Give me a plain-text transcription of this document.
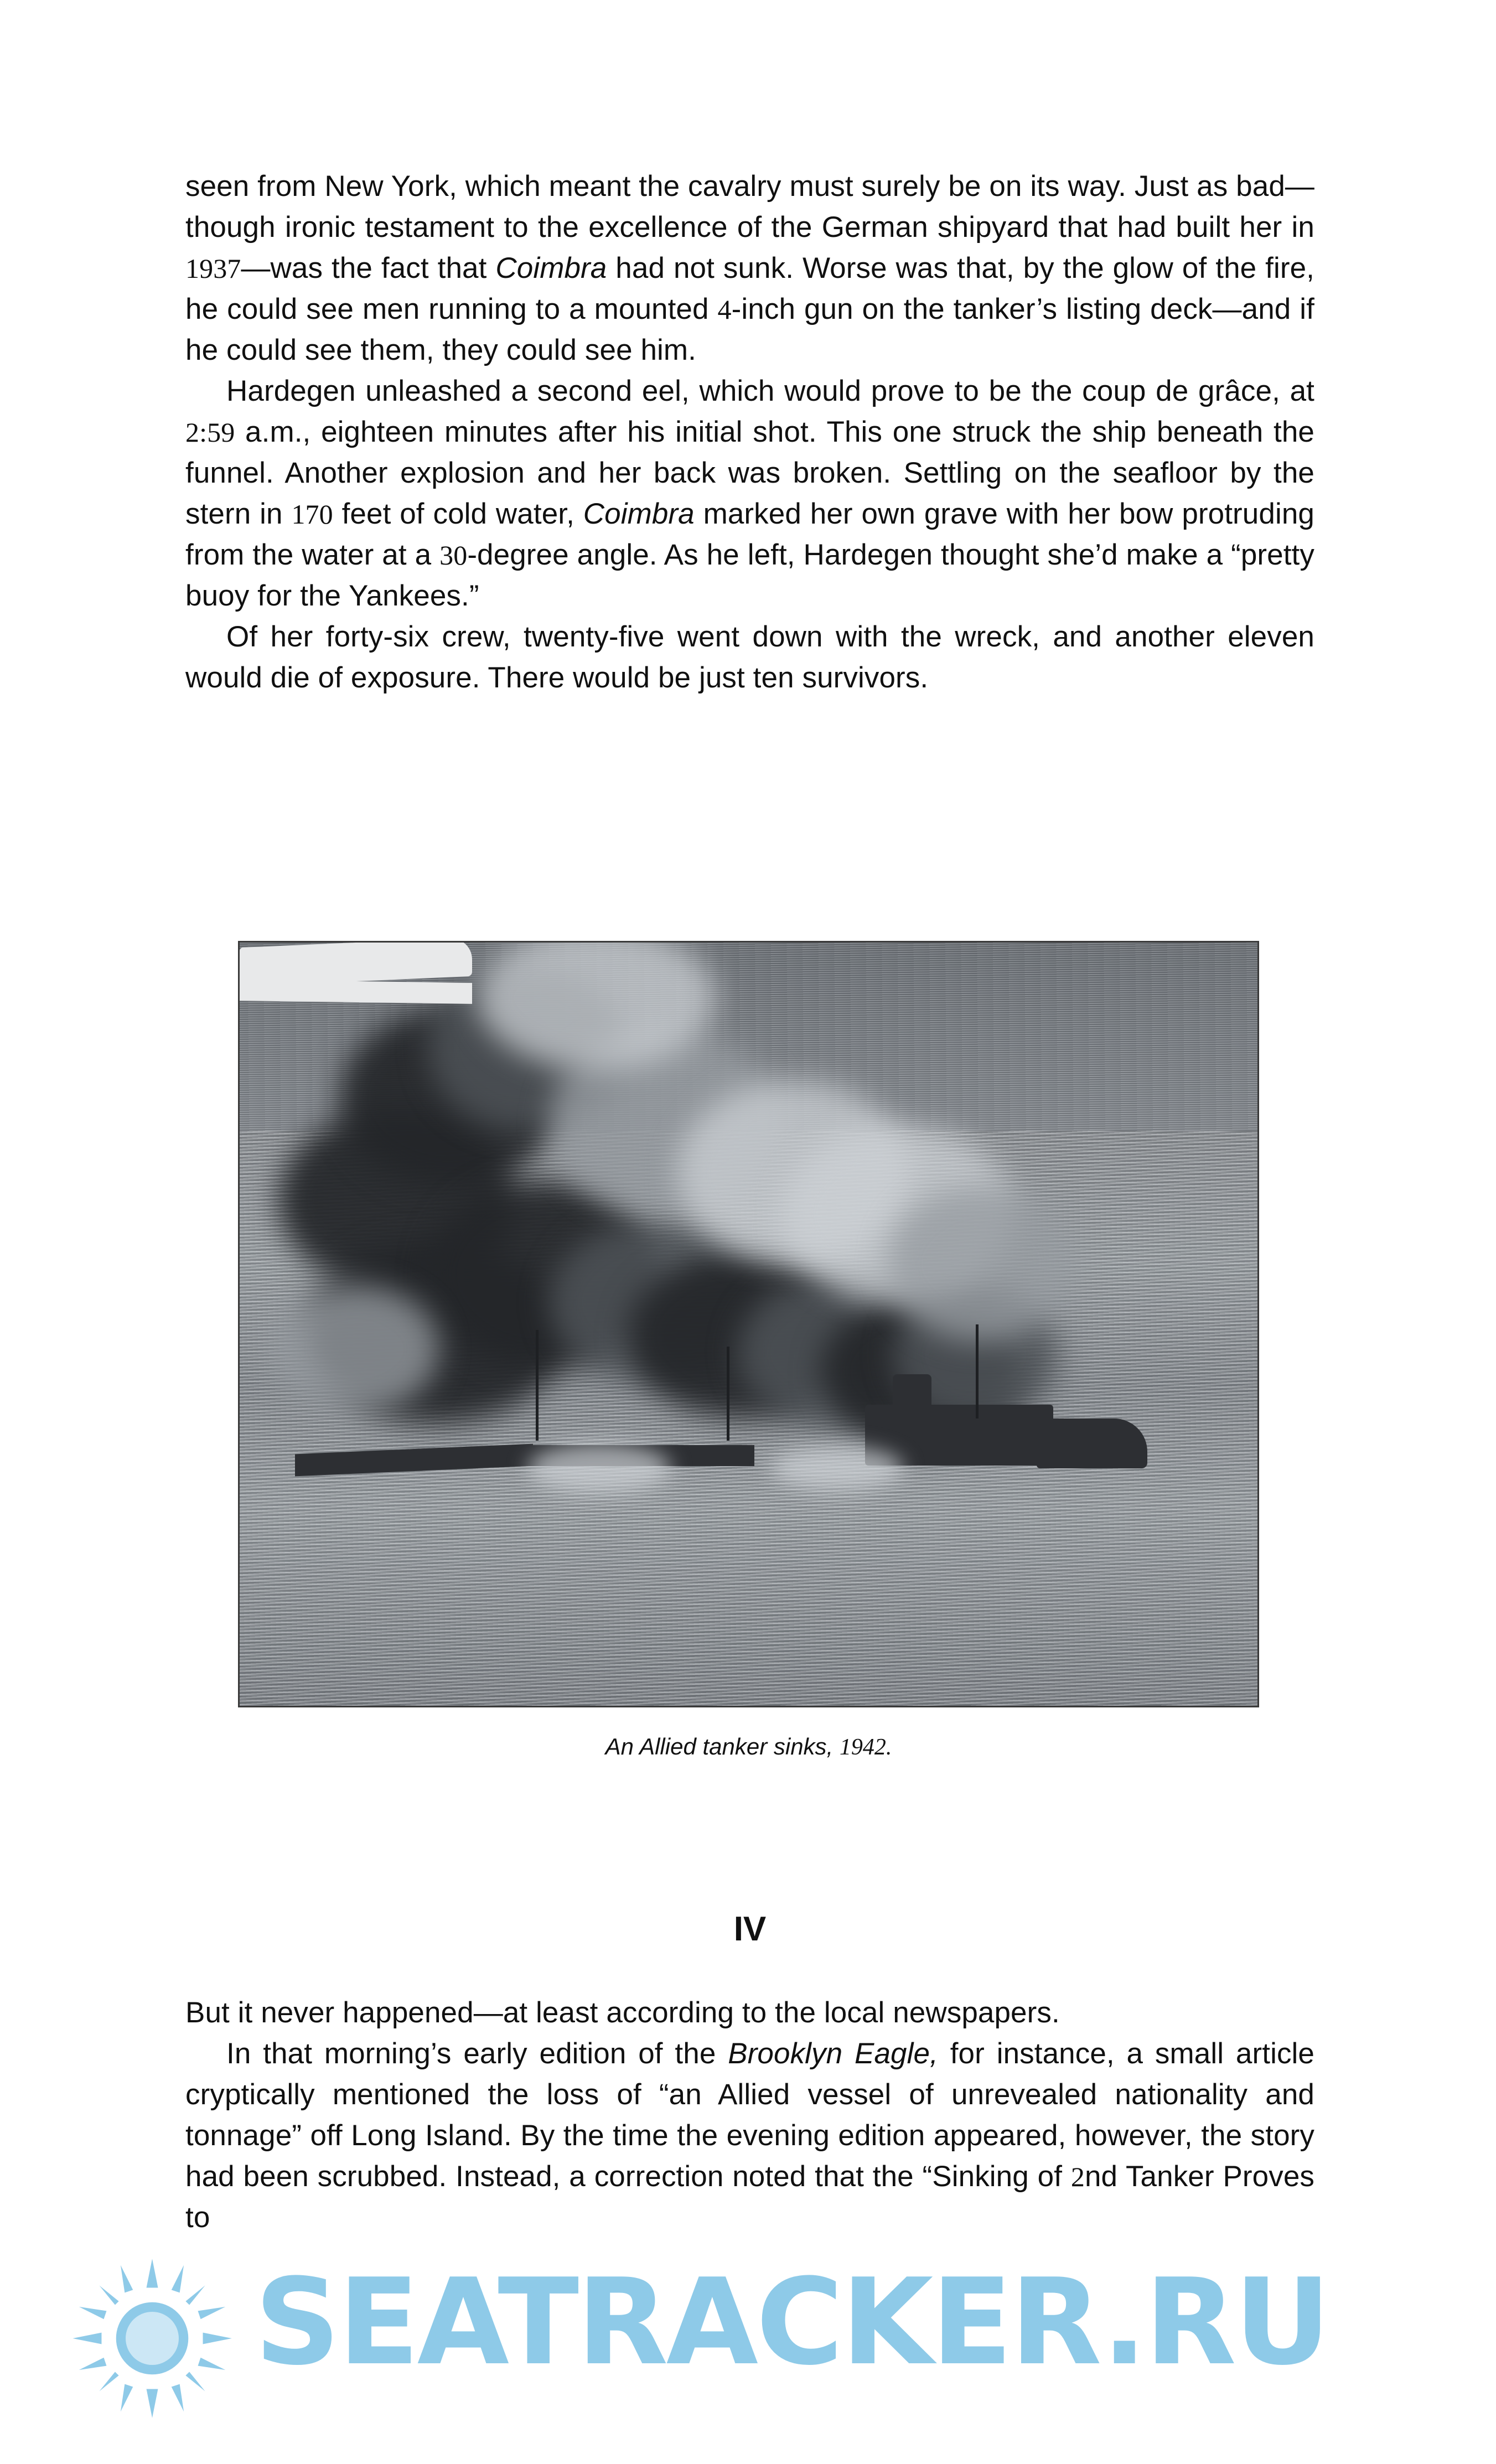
seen from New York, which meant the cavalry must surely be on its way. Just as bad—though ironic testament to the excellence of the German shipyard that had built her in 1937—was the fact that Coimbra had not sunk. Worse was that, by the glow of the fire, he could see men running to a mounted 4-inch gun on the tanker’s listing deck—and if he could see them, they could see him.

Hardegen unleashed a second eel, which would prove to be the coup de grâce, at 2:59 a.m., eighteen minutes after his initial shot. This one struck the ship beneath the funnel. Another explosion and her back was broken. Settling on the seafloor by the stern in 170 feet of cold water, Coimbra marked her own grave with her bow protruding from the water at a 30-degree angle. As he left, Hardegen thought she’d make a “pretty buoy for the Yankees.”

Of her forty-six crew, twenty-five went down with the wreck, and another eleven would die of exposure. There would be just ten survivors.

An Allied tanker sinks, 1942.
IV

But it never happened—at least according to the local newspapers.

In that morning’s early edition of the Brooklyn Eagle, for instance, a small article cryptically mentioned the loss of “an Allied vessel of unrevealed nationality and tonnage” off Long Island. By the time the evening edition appeared, however, the story had been scrubbed. Instead, a correction noted that the “Sinking of 2nd Tanker Proves to

SEATRACKER.RU
